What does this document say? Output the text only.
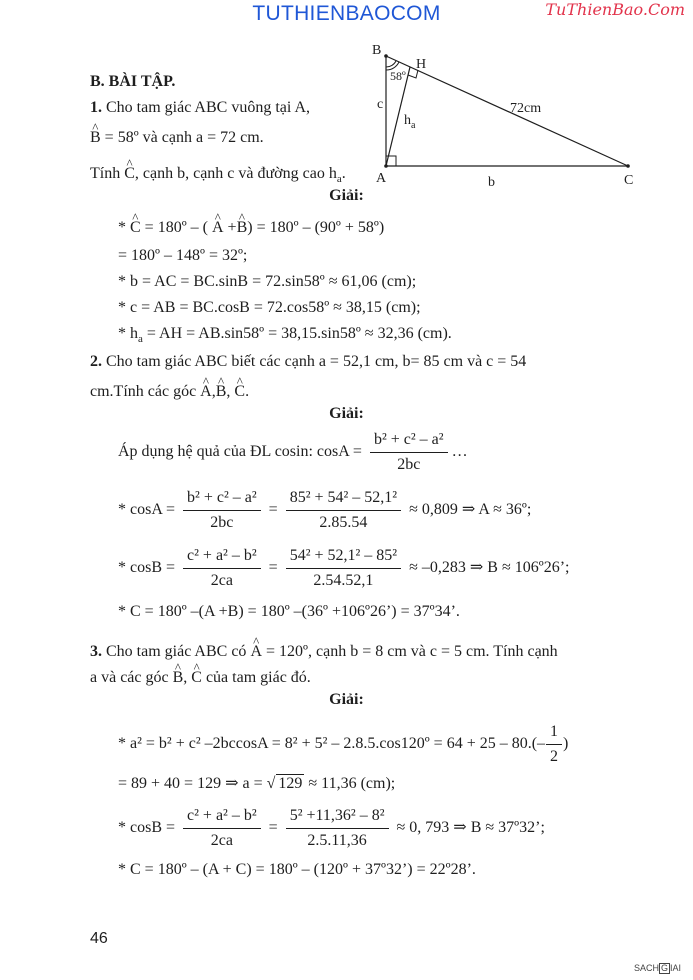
TUTHIENBAOCOM	TuThienBao.Com
B. BÀI TẬP.
1. Cho tam giác ABC vuông tại A,
^ B = 58º và cạnh a = 72 cm.
Tính ^ C, cạnh b, cạnh c và đường cao $h_a$.
B
H
A	C
58º
c
b
72cm
$h_a$
Giải:
* ^ C = 180º – ( ^ A +^ B) = 180º – (90º + 58º)
= 180º – 148º = 32º;
* b = AC = BC.sinB = 72.sin58º ≈ 61,06 (cm);
* c = AB = BC.cosB = 72.cos58º ≈ 38,15 (cm);
* $h_a$ = AH = AB.sin58º = 38,15.sin58º ≈ 32,36 (cm).
2. Cho tam giác ABC biết các cạnh a = 52,1 cm, b= 85 cm và c = 54
cm.Tính các góc ^ A,^ B, ^ C.
Giải:
Áp dụng hệ quả của ĐL cosin: $\cos A = \frac{\text{b² + c² – a²}}{2bc}$ …
* $\cos A = \frac{\text{b² + c² – a²}}{2bc} = \frac{\text{85² + 54² – 52,1²}}{2.85.54} \approx 0,809$ ⇒ A ≈ 36º;
* $\cos B = \frac{\text{c² + a² – b²}}{2ca} = \frac{\text{54² + 52,1² – 85²}}{2.54.52,1} \approx -0,283$ ⇒ B ≈ 106º26’;
* C = 180º –(A +B) = 180º –(36º +106º26’) = 37º34’.
3. Cho tam giác ABC có ^ A = 120º, cạnh b = 8 cm và c = 5 cm. Tính cạnh
a và các góc ^ B, ^ C của tam giác đó.
Giải:
* a² = b² + c² –2bccosA = 8² + 5² – 2.8.5.cos120º = $64 + 25 - 80.(- \frac{1}{2}$ )
= 89 + 40 = 129 ⇒ a = √ 129 ≈ 11,36 (cm);
* $\cos B = \frac{\text{c² + a² – b²}}{2ca} = \frac{\text{5² +11,36² – 8²}}{2.5.11,36} \approx 0$, 793 ⇒ B ≈ 37º32’;
* C = 180º – (A + C) = 180º – (120º + 37º32’) = 22º28’.
46
SACH G IAI
